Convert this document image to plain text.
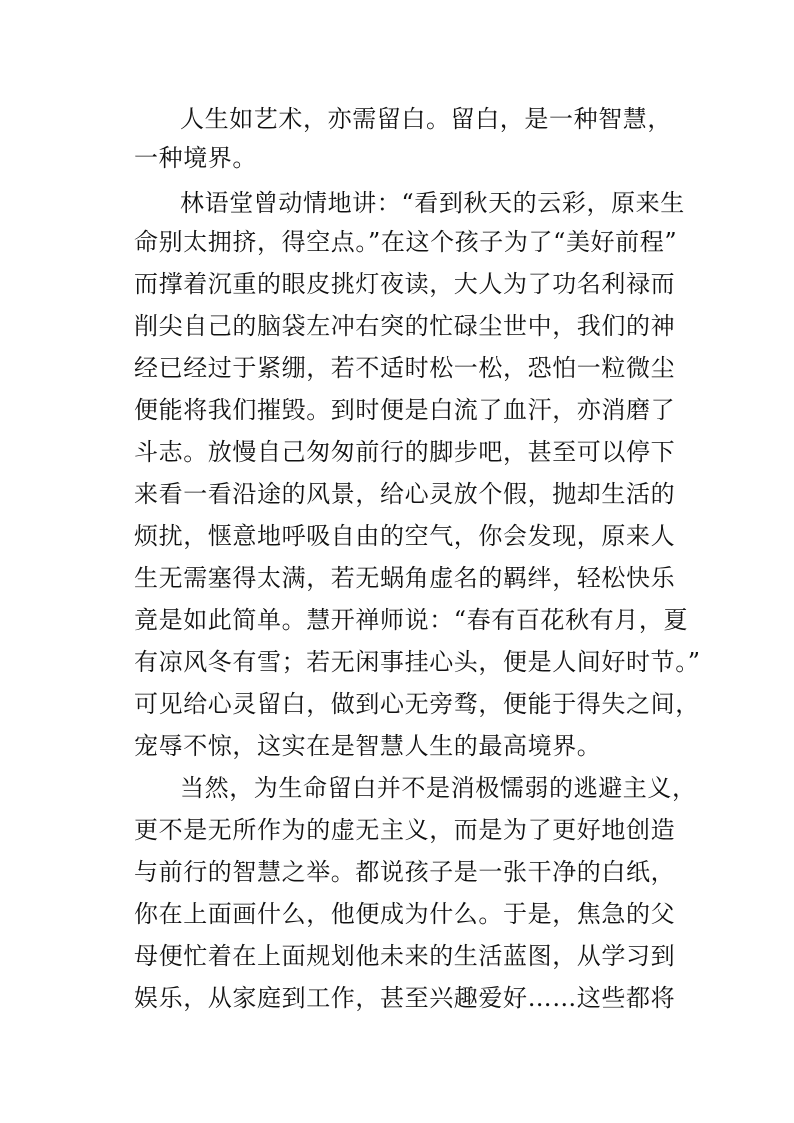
人生如艺术，亦需留白。留白，是一种智慧，
一种境界。
林语堂曾动情地讲：“看到秋天的云彩，原来生
命别太拥挤，得空点。”在这个孩子为了“美好前程”
而撑着沉重的眼皮挑灯夜读，大人为了功名利禄而
削尖自己的脑袋左冲右突的忙碌尘世中，我们的神
经已经过于紧绷，若不适时松一松，恐怕一粒微尘
便能将我们摧毁。到时便是白流了血汗，亦消磨了
斗志。放慢自己匆匆前行的脚步吧，甚至可以停下
来看一看沿途的风景，给心灵放个假，抛却生活的
烦扰，惬意地呼吸自由的空气，你会发现，原来人
生无需塞得太满，若无蜗角虚名的羁绊，轻松快乐
竟是如此简单。慧开禅师说：“春有百花秋有月，夏
有凉风冬有雪；若无闲事挂心头，便是人间好时节。”
可见给心灵留白，做到心无旁骛，便能于得失之间，
宠辱不惊，这实在是智慧人生的最高境界。
当然，为生命留白并不是消极懦弱的逃避主义，
更不是无所作为的虚无主义，而是为了更好地创造
与前行的智慧之举。都说孩子是一张干净的白纸，
你在上面画什么，他便成为什么。于是，焦急的父
母便忙着在上面规划他未来的生活蓝图，从学习到
娱乐，从家庭到工作，甚至兴趣爱好……这些都将
